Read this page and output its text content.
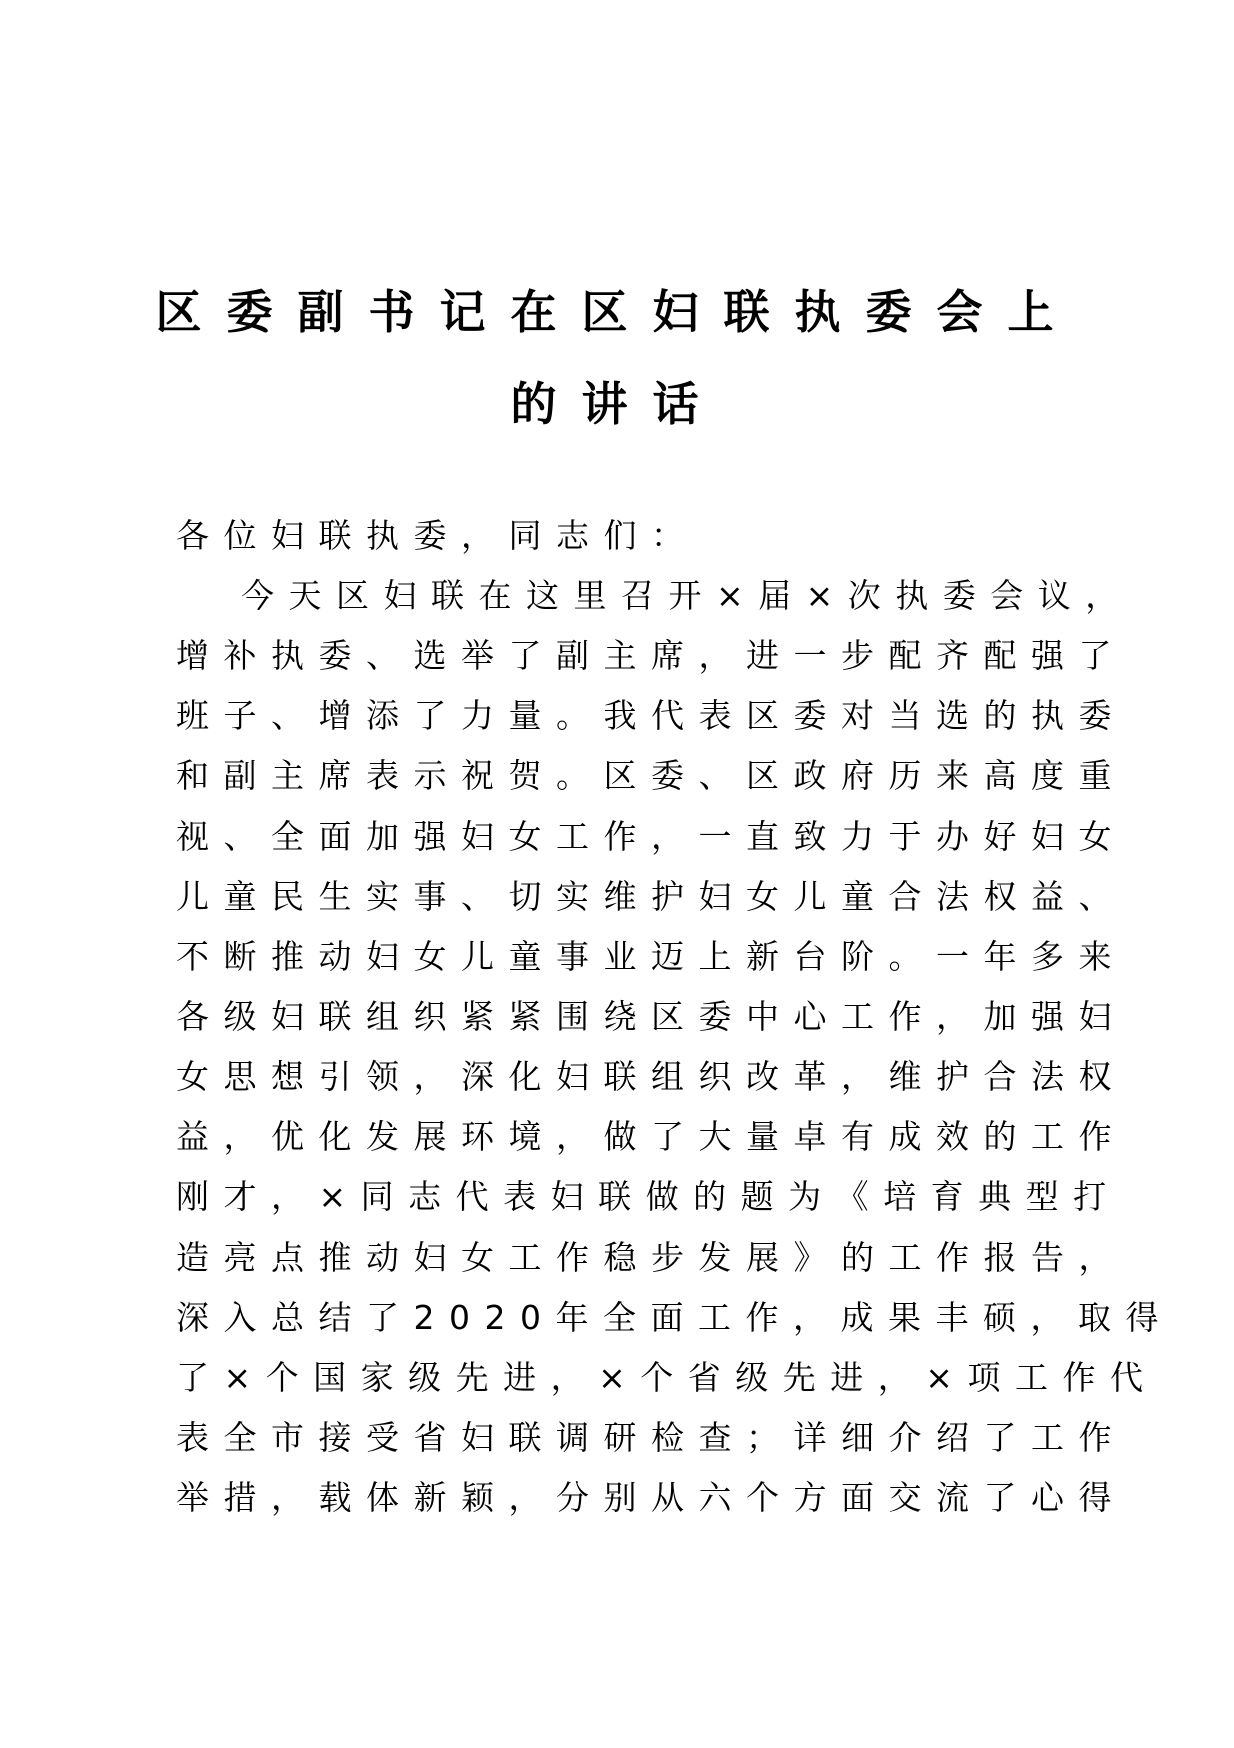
区委副书记在区妇联执委会上
的讲话
各位妇联执委，同志们：
今天区妇联在这里召开×届×次执委会议，
增补执委、选举了副主席，进一步配齐配强了
班子、增添了力量。我代表区委对当选的执委
和副主席表示祝贺。区委、区政府历来高度重
视、全面加强妇女工作，一直致力于办好妇女
儿童民生实事、切实维护妇女儿童合法权益、
不断推动妇女儿童事业迈上新台阶。一年多来
各级妇联组织紧紧围绕区委中心工作，加强妇
女思想引领，深化妇联组织改革，维护合法权
益，优化发展环境，做了大量卓有成效的工作
刚才，×同志代表妇联做的题为《培育典型打
造亮点推动妇女工作稳步发展》的工作报告，
深入总结了2020年全面工作，成果丰硕，取得
了×个国家级先进，×个省级先进，×项工作代
表全市接受省妇联调研检查；详细介绍了工作
举措，载体新颖，分别从六个方面交流了心得
